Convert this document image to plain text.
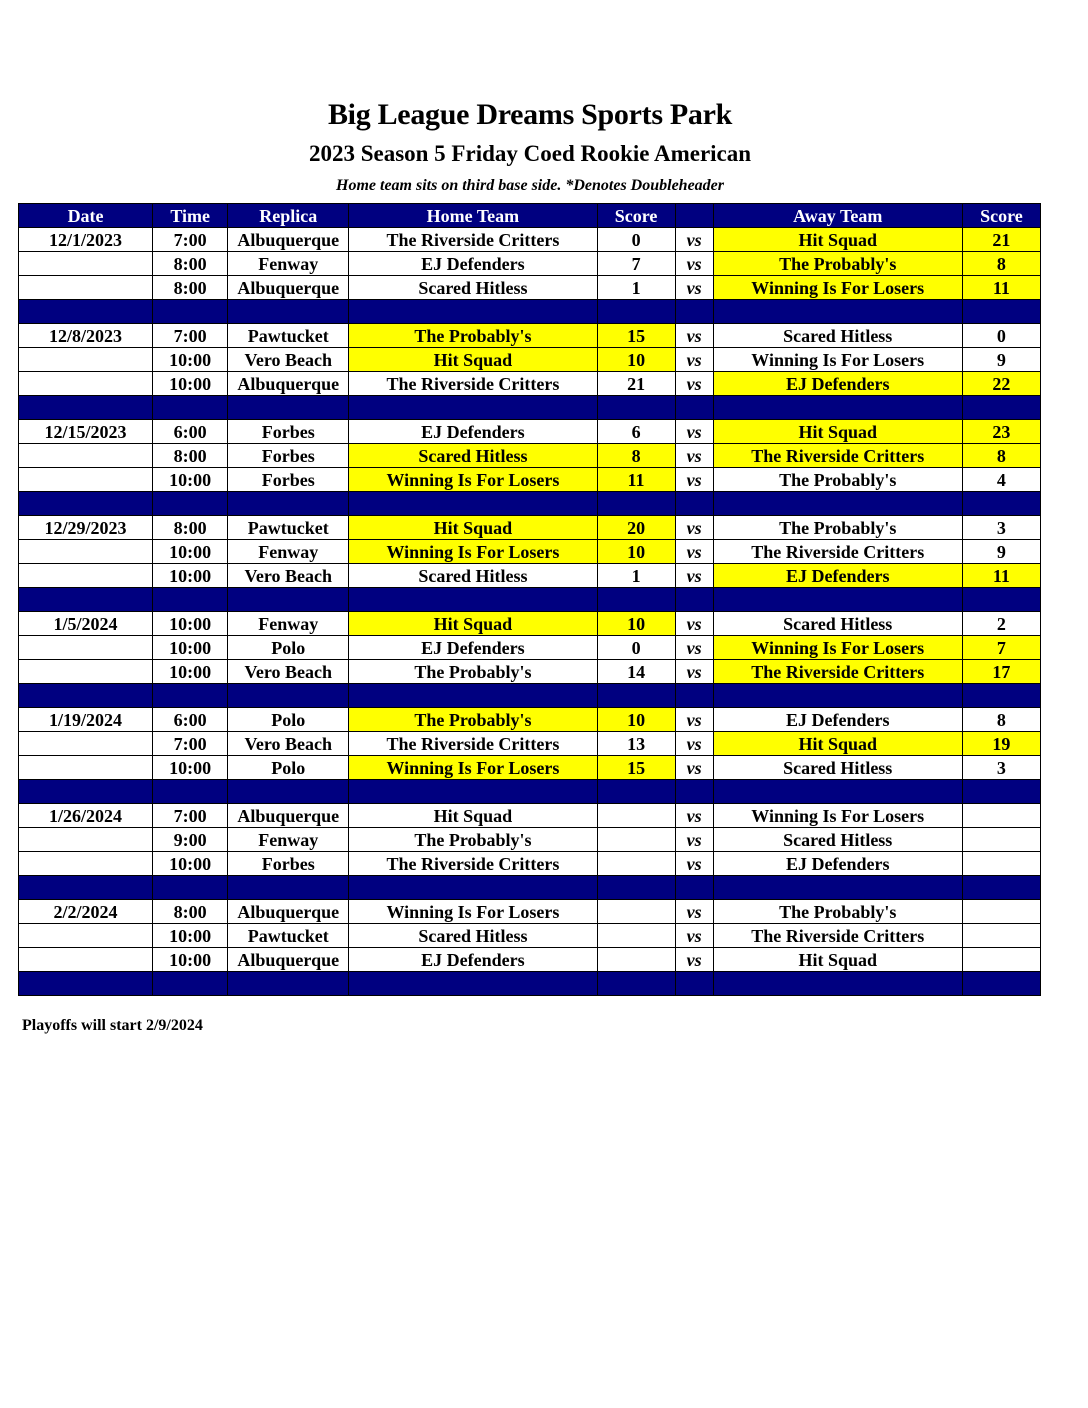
Big League Dreams Sports Park
2023 Season 5 Friday Coed Rookie American
Home team sits on third base side. *Denotes Doubleheader
Date	Time	Replica	Home Team	Score		Away Team	Score
12/1/2023	7:00	Albuquerque	The Riverside Critters	0	vs	Hit Squad	21
	8:00	Fenway	EJ Defenders	7	vs	The Probably's	8
	8:00	Albuquerque	Scared Hitless	1	vs	Winning Is For Losers	11

12/8/2023	7:00	Pawtucket	The Probably's	15	vs	Scared Hitless	0
	10:00	Vero Beach	Hit Squad	10	vs	Winning Is For Losers	9
	10:00	Albuquerque	The Riverside Critters	21	vs	EJ Defenders	22

12/15/2023	6:00	Forbes	EJ Defenders	6	vs	Hit Squad	23
	8:00	Forbes	Scared Hitless	8	vs	The Riverside Critters	8
	10:00	Forbes	Winning Is For Losers	11	vs	The Probably's	4

12/29/2023	8:00	Pawtucket	Hit Squad	20	vs	The Probably's	3
	10:00	Fenway	Winning Is For Losers	10	vs	The Riverside Critters	9
	10:00	Vero Beach	Scared Hitless	1	vs	EJ Defenders	11

1/5/2024	10:00	Fenway	Hit Squad	10	vs	Scared Hitless	2
	10:00	Polo	EJ Defenders	0	vs	Winning Is For Losers	7
	10:00	Vero Beach	The Probably's	14	vs	The Riverside Critters	17

1/19/2024	6:00	Polo	The Probably's	10	vs	EJ Defenders	8
	7:00	Vero Beach	The Riverside Critters	13	vs	Hit Squad	19
	10:00	Polo	Winning Is For Losers	15	vs	Scared Hitless	3

1/26/2024	7:00	Albuquerque	Hit Squad		vs	Winning Is For Losers	
	9:00	Fenway	The Probably's		vs	Scared Hitless	
	10:00	Forbes	The Riverside Critters		vs	EJ Defenders	

2/2/2024	8:00	Albuquerque	Winning Is For Losers		vs	The Probably's	
	10:00	Pawtucket	Scared Hitless		vs	The Riverside Critters	
	10:00	Albuquerque	EJ Defenders		vs	Hit Squad	

Playoffs will start 2/9/2024
